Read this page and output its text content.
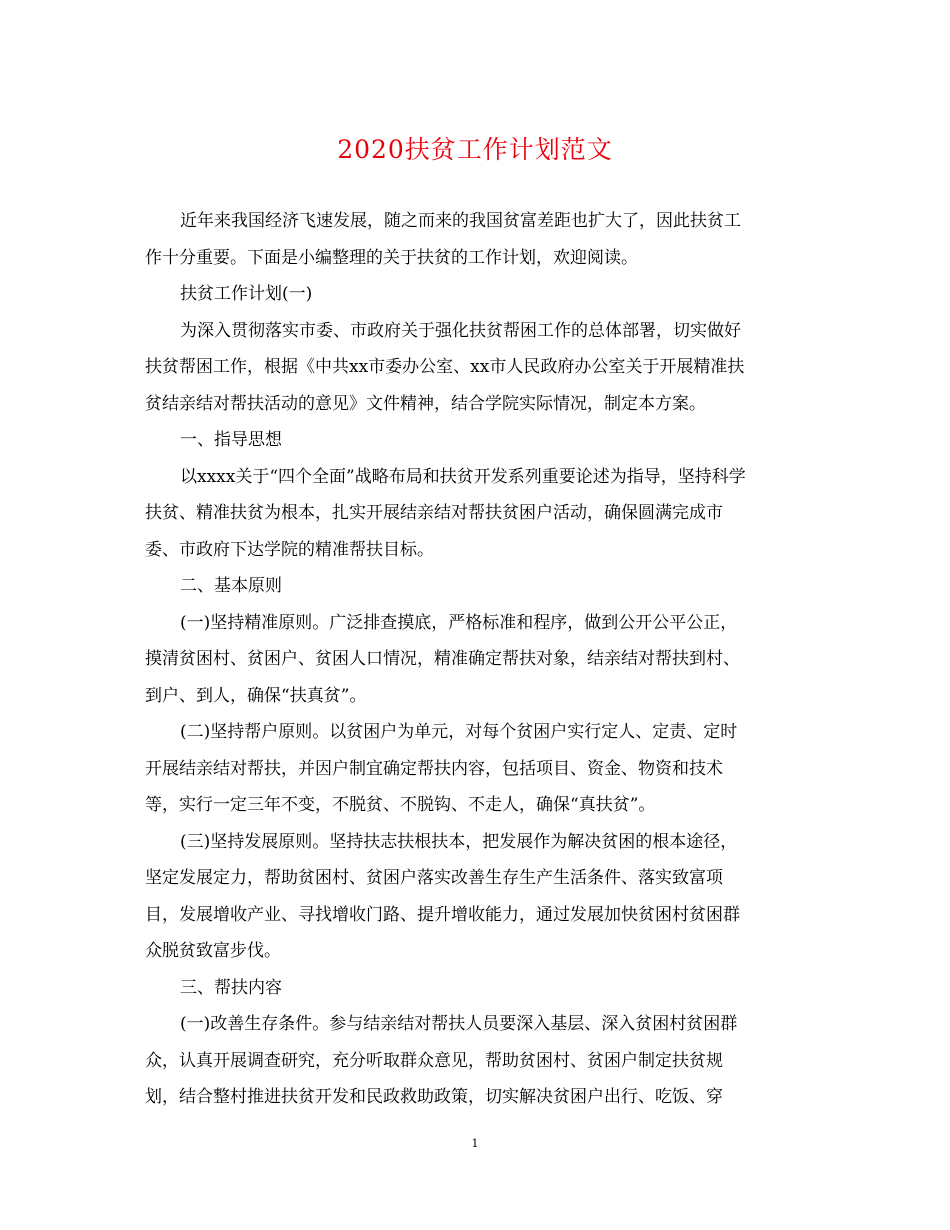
2020扶贫工作计划范文
近年来我国经济飞速发展，随之而来的我国贫富差距也扩大了，因此扶贫工
作十分重要。下面是小编整理的关于扶贫的工作计划，欢迎阅读。
扶贫工作计划(一)
为深入贯彻落实市委、市政府关于强化扶贫帮困工作的总体部署，切实做好
扶贫帮困工作，根据《中共xx市委办公室、xx市人民政府办公室关于开展精准扶
贫结亲结对帮扶活动的意见》文件精神，结合学院实际情况，制定本方案。
一、指导思想
以xxxx关于“四个全面”战略布局和扶贫开发系列重要论述为指导，坚持科学
扶贫、精准扶贫为根本，扎实开展结亲结对帮扶贫困户活动，确保圆满完成市
委、市政府下达学院的精准帮扶目标。
二、基本原则
(一)坚持精准原则。广泛排查摸底，严格标准和程序，做到公开公平公正，
摸清贫困村、贫困户、贫困人口情况，精准确定帮扶对象，结亲结对帮扶到村、
到户、到人，确保“扶真贫”。
(二)坚持帮户原则。以贫困户为单元，对每个贫困户实行定人、定责、定时
开展结亲结对帮扶，并因户制宜确定帮扶内容，包括项目、资金、物资和技术
等，实行一定三年不变，不脱贫、不脱钩、不走人，确保“真扶贫”。
(三)坚持发展原则。坚持扶志扶根扶本，把发展作为解决贫困的根本途径，
坚定发展定力，帮助贫困村、贫困户落实改善生存生产生活条件、落实致富项
目，发展增收产业、寻找增收门路、提升增收能力，通过发展加快贫困村贫困群
众脱贫致富步伐。
三、帮扶内容
(一)改善生存条件。参与结亲结对帮扶人员要深入基层、深入贫困村贫困群
众，认真开展调查研究，充分听取群众意见，帮助贫困村、贫困户制定扶贫规
划，结合整村推进扶贫开发和民政救助政策，切实解决贫困户出行、吃饭、穿
1
